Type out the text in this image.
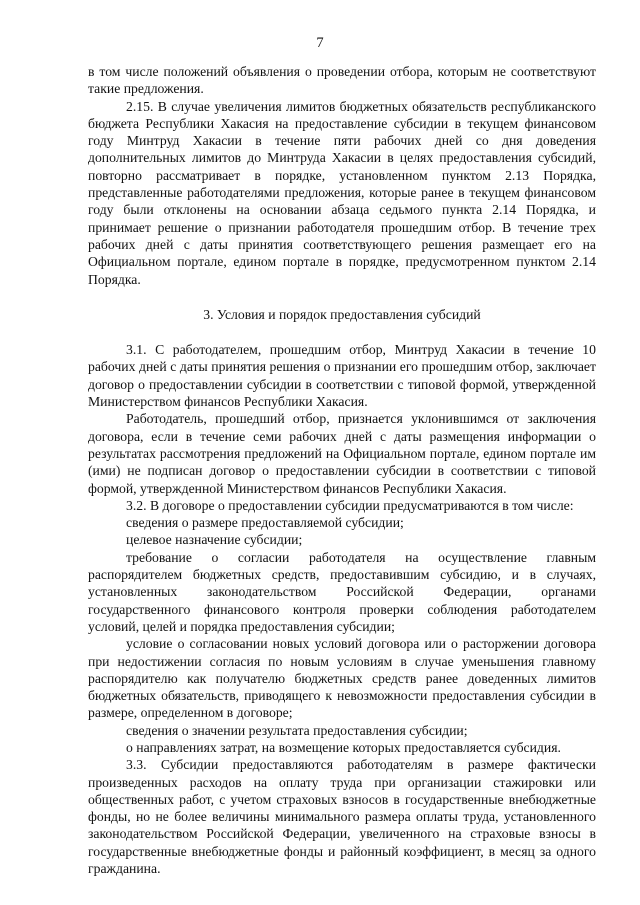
7

в том числе положений объявления о проведении отбора, которым не соответствуют такие предложения.

2.15. В случае увеличения лимитов бюджетных обязательств республиканского бюджета Республики Хакасия на предоставление субсидии в текущем финансовом году Минтруд Хакасии в течение пяти рабочих дней со дня доведения дополнительных лимитов до Минтруда Хакасии в целях предоставления субсидий, повторно рассматривает в порядке, установленном пунктом 2.13 Порядка, представленные работодателями предложения, которые ранее в текущем финансовом году были отклонены на основании абзаца седьмого пункта 2.14 Порядка, и принимает решение о признании работодателя прошедшим отбор. В течение трех рабочих дней с даты принятия соответствующего решения размещает его на Официальном портале, едином портале в порядке, предусмотренном пунктом 2.14 Порядка.

3. Условия и порядок предоставления субсидий

3.1. С работодателем, прошедшим отбор, Минтруд Хакасии в течение 10 рабочих дней с даты принятия решения о признании его прошедшим отбор, заключает договор о предоставлении субсидии в соответствии с типовой формой, утвержденной Министерством финансов Республики Хакасия.

Работодатель, прошедший отбор, признается уклонившимся от заключения договора, если в течение семи рабочих дней с даты размещения информации о результатах рассмотрения предложений на Официальном портале, едином портале им (ими) не подписан договор о предоставлении субсидии в соответствии с типовой формой, утвержденной Министерством финансов Республики Хакасия.

3.2. В договоре о предоставлении субсидии предусматриваются в том числе:

сведения о размере предоставляемой субсидии;

целевое назначение субсидии;

требование о согласии работодателя на осуществление главным распорядителем бюджетных средств, предоставившим субсидию, и в случаях, установленных законодательством Российской Федерации, органами государственного финансового контроля проверки соблюдения работодателем условий, целей и порядка предоставления субсидии;

условие о согласовании новых условий договора или о расторжении договора при недостижении согласия по новым условиям в случае уменьшения главному распорядителю как получателю бюджетных средств ранее доведенных лимитов бюджетных обязательств, приводящего к невозможности предоставления субсидии в размере, определенном в договоре;

сведения о значении результата предоставления субсидии;

о направлениях затрат, на возмещение которых предоставляется субсидия.

3.3. Субсидии предоставляются работодателям в размере фактически произведенных расходов на оплату труда при организации стажировки или общественных работ, с учетом страховых взносов в государственные внебюджетные фонды, но не более величины минимального размера оплаты труда, установленного законодательством Российской Федерации, увеличенного на страховые взносы в государственные внебюджетные фонды и районный коэффициент, в месяц за одного гражданина.
